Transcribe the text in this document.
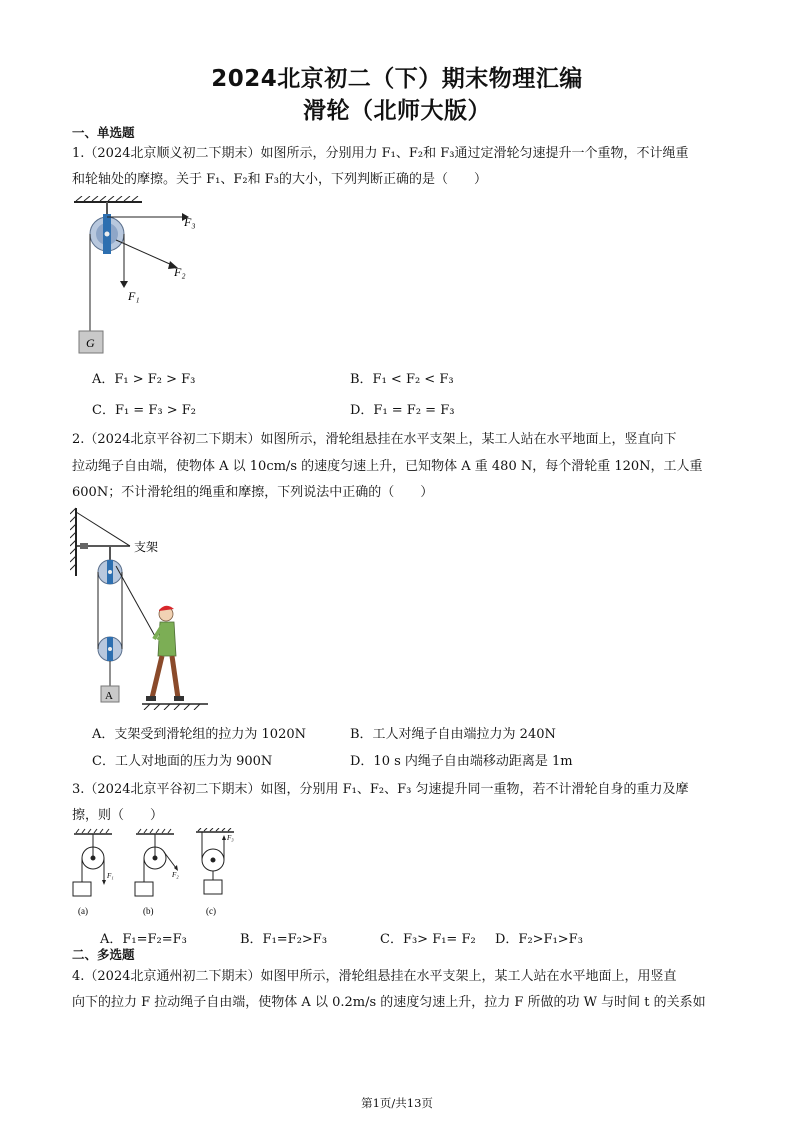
2024北京初二（下）期末物理汇编
滑轮（北师大版）
一、单选题
1.（2024北京顺义初二下期末）如图所示，分别用力 F₁、F₂和 F₃通过定滑轮匀速提升一个重物，不计绳重
和轮轴处的摩擦。关于 F₁、F₂和 F₃的大小，下列判断正确的是（　　）
F₃
F₂
F₁
G
A．F₁ > F₂ > F₃	B．F₁ < F₂ < F₃
C．F₁ = F₃ > F₂	D．F₁ = F₂ = F₃
2.（2024北京平谷初二下期末）如图所示，滑轮组悬挂在水平支架上，某工人站在水平地面上，竖直向下
拉动绳子自由端，使物体 A 以 10cm/s 的速度匀速上升，已知物体 A 重 480 N，每个滑轮重 120N，工人重
600N；不计滑轮组的绳重和摩擦，下列说法中正确的（　　）
支架
A
A．支架受到滑轮组的拉力为 1020N	B．工人对绳子自由端拉力为 240N
C．工人对地面的压力为 900N	D．10 s 内绳子自由端移动距离是 1m
3.（2024北京平谷初二下期末）如图，分别用 F₁、F₂、F₃ 匀速提升同一重物，若不计滑轮自身的重力及摩
擦，则（　　）
F₁	F₂
F₃
(a)	(b)	(c)
A．F₁=F₂=F₃	B．F₁=F₂>F₃	C．F₃> F₁= F₂ D．F₂>F₁>F₃
二、多选题
4.（2024北京通州初二下期末）如图甲所示，滑轮组悬挂在水平支架上，某工人站在水平地面上，用竖直
向下的拉力 F 拉动绳子自由端，使物体 A 以 0.2m/s 的速度匀速上升，拉力 F 所做的功 W 与时间 t 的关系如
第1页/共13页
